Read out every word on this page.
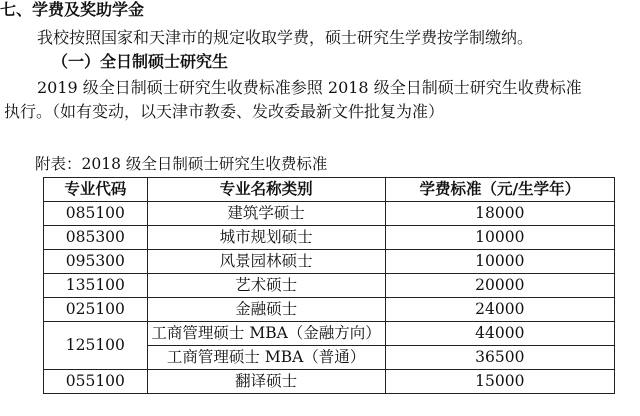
七、学费及奖助学金
我校按照国家和天津市的规定收取学费，硕士研究生学费按学制缴纳。
（一）全日制硕士研究生
2019 级全日制硕士研究生收费标准参照 2018 级全日制硕士研究生收费标准
执行。（如有变动，以天津市教委、发改委最新文件批复为准）
附表：2018 级全日制硕士研究生收费标准
专业代码	专业名称类别	学费标准（元/生学年）
085100	建筑学硕士	18000
085300	城市规划硕士	10000
095300	风景园林硕士	10000
135100	艺术硕士	20000
025100	金融硕士	24000
125100	工商管理硕士 MBA（金融方向）	44000
	工商管理硕士 MBA（普通）	36500
055100	翻译硕士	15000
